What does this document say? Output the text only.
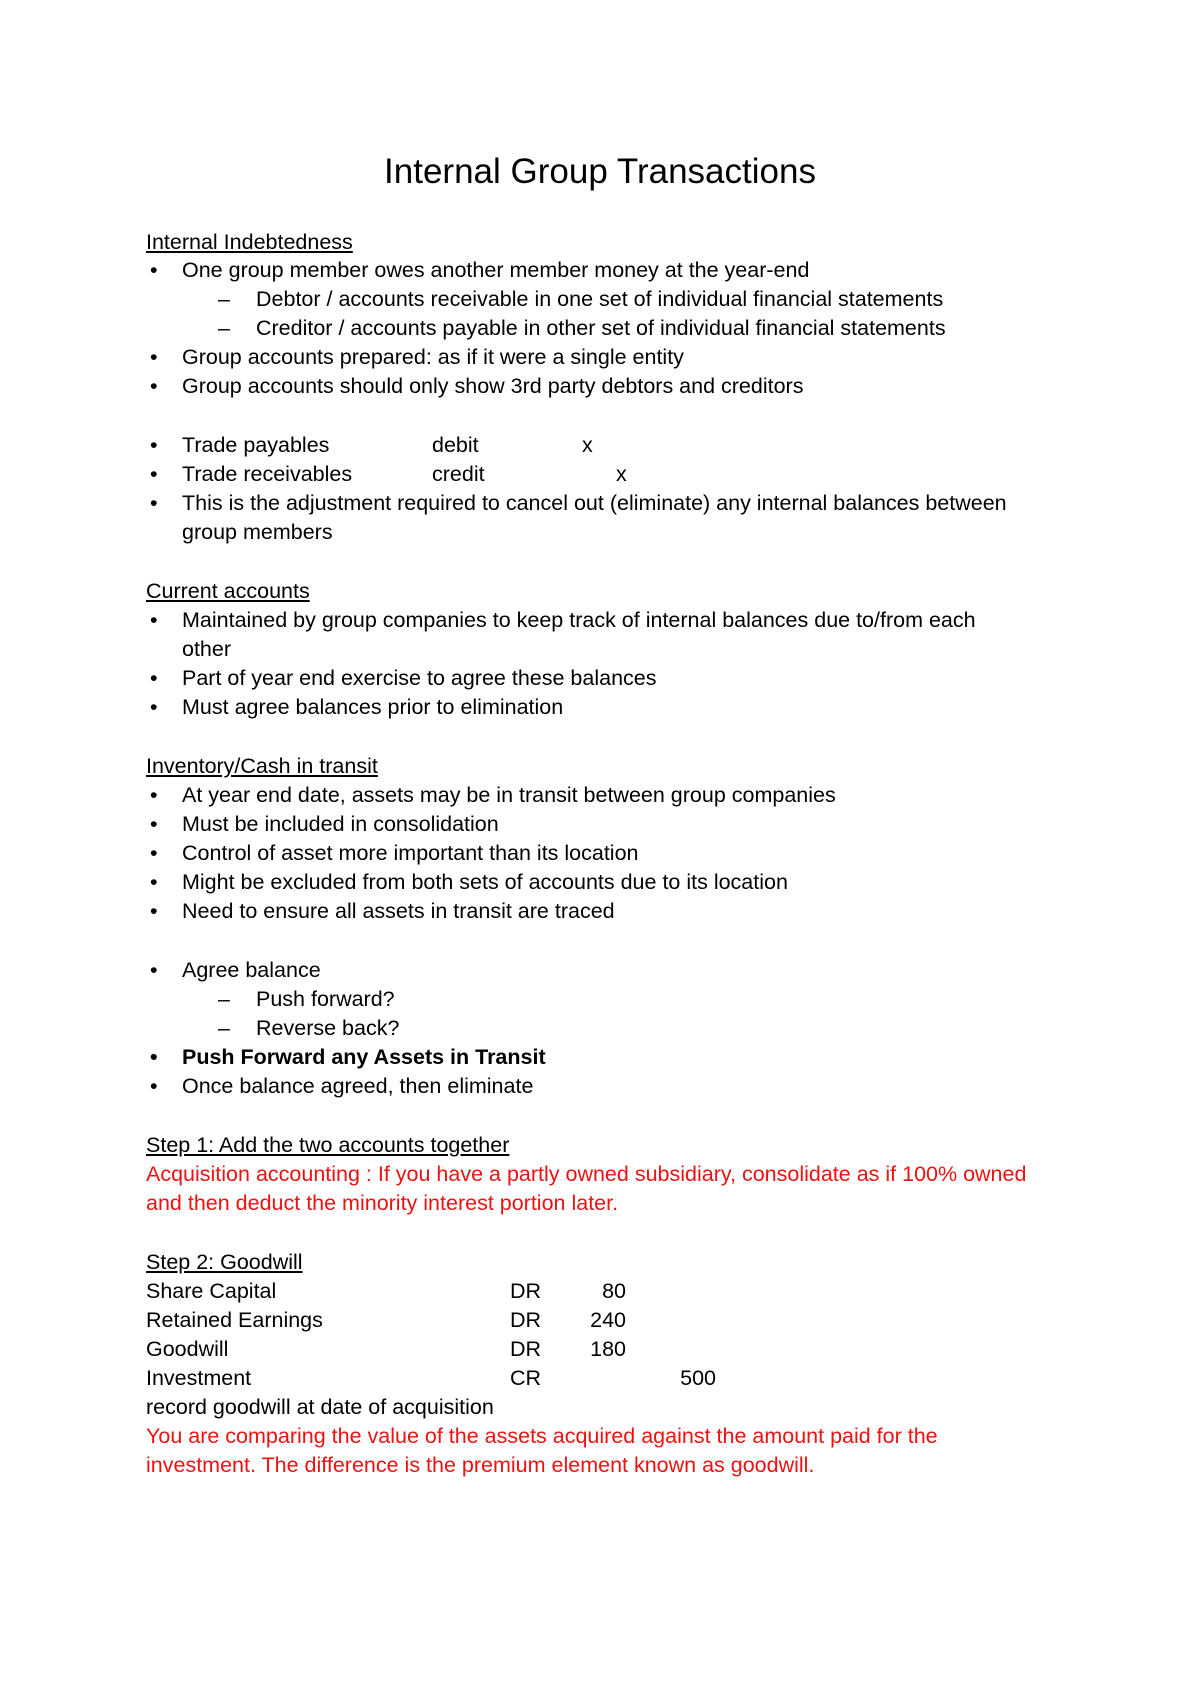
Internal Group Transactions
Internal Indebtedness
• One group member owes another member money at the year-end
– Debtor / accounts receivable in one set of individual financial statements
– Creditor / accounts payable in other set of individual financial statements
• Group accounts prepared: as if it were a single entity
• Group accounts should only show 3rd party debtors and creditors
• Trade payables	debit	x
• Trade receivables	credit	x
• This is the adjustment required to cancel out (eliminate) any internal balances between
group members
Current accounts
• Maintained by group companies to keep track of internal balances due to/from each
other
• Part of year end exercise to agree these balances
• Must agree balances prior to elimination
Inventory/Cash in transit
• At year end date, assets may be in transit between group companies
• Must be included in consolidation
• Control of asset more important than its location
• Might be excluded from both sets of accounts due to its location
• Need to ensure all assets in transit are traced
• Agree balance
– Push forward?
– Reverse back?
• Push Forward any Assets in Transit
• Once balance agreed, then eliminate
Step 1: Add the two accounts together
Acquisition accounting : If you have a partly owned subsidiary, consolidate as if 100% owned
and then deduct the minority interest portion later.
Step 2: Goodwill
Share Capital	DR	80
Retained Earnings	DR	240
Goodwill	DR	180
Investment	CR	500
record goodwill at date of acquisition
You are comparing the value of the assets acquired against the amount paid for the
investment. The difference is the premium element known as goodwill.
